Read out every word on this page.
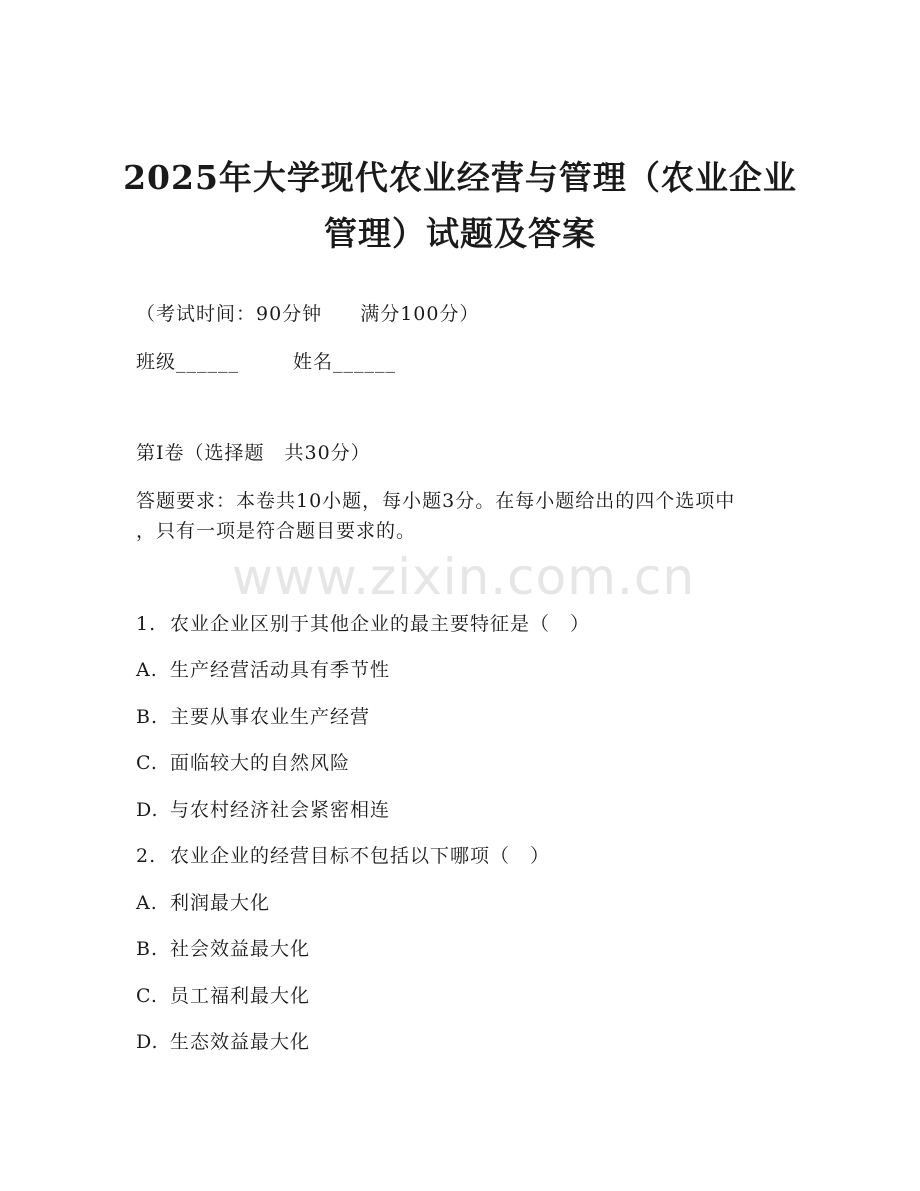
2025年大学现代农业经营与管理（农业企业
管理）试题及答案
（考试时间：90分钟 满分100分）
班级______	姓名______
第I卷（选择题　共30分）
答题要求：本卷共10小题，每小题3分。在每小题给出的四个选项中
，只有一项是符合题目要求的。
www.zixin.com.cn
1. 农业企业区别于其他企业的最主要特征是（　）
A. 生产经营活动具有季节性
B. 主要从事农业生产经营
C. 面临较大的自然风险
D. 与农村经济社会紧密相连
2. 农业企业的经营目标不包括以下哪项（　）
A. 利润最大化
B. 社会效益最大化
C. 员工福利最大化
D. 生态效益最大化
